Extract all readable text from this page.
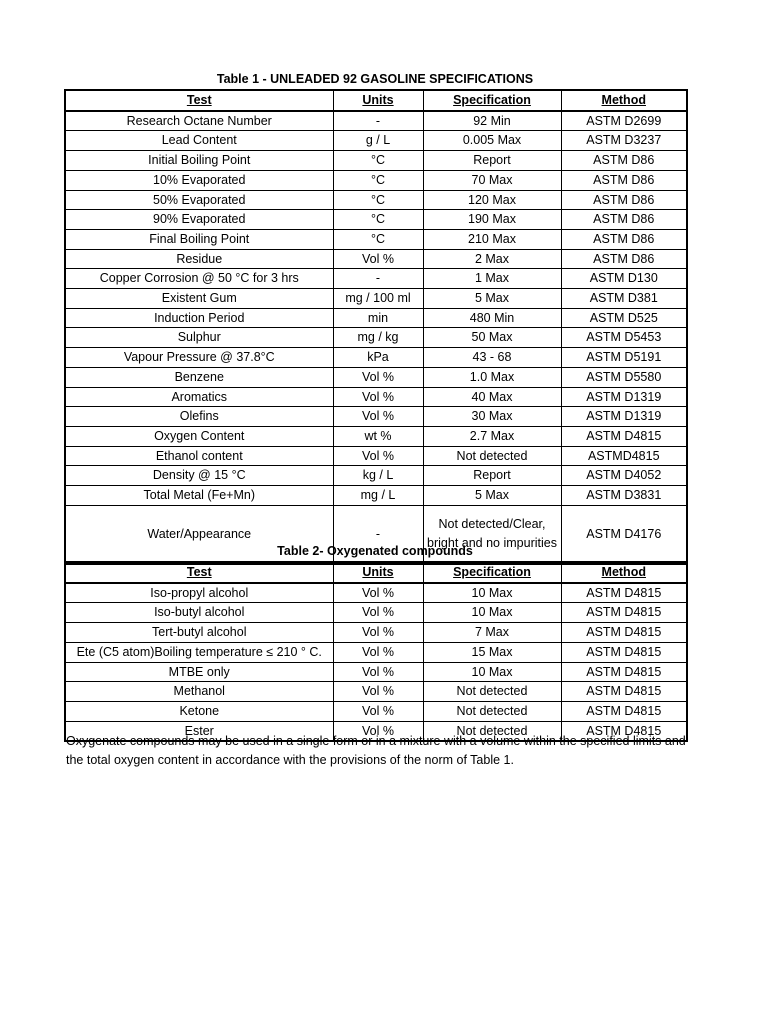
Table 1 - UNLEADED 92 GASOLINE SPECIFICATIONS
Test	Units	Specification	Method
Research Octane Number	-	92 Min	ASTM D2699
Lead Content	g / L	0.005 Max	ASTM D3237
Initial Boiling Point	°C	Report	ASTM D86
10% Evaporated	°C	70 Max	ASTM D86
50% Evaporated	°C	120 Max	ASTM D86
90% Evaporated	°C	190 Max	ASTM D86
Final Boiling Point	°C	210 Max	ASTM D86
Residue	Vol %	2 Max	ASTM D86
Copper Corrosion @ 50 °C for 3 hrs	-	1 Max	ASTM D130
Existent Gum	mg / 100 ml	5 Max	ASTM D381
Induction Period	min	480 Min	ASTM D525
Sulphur	mg / kg	50 Max	ASTM D5453
Vapour Pressure @ 37.8°C	kPa	43 - 68	ASTM D5191
Benzene	Vol %	1.0 Max	ASTM D5580
Aromatics	Vol %	40 Max	ASTM D1319
Olefins	Vol %	30 Max	ASTM D1319
Oxygen Content	wt %	2.7 Max	ASTM D4815
Ethanol content	Vol %	Not detected	ASTMD4815
Density @ 15 °C	kg / L	Report	ASTM D4052
Total Metal (Fe+Mn)	mg / L	5 Max	ASTM D3831
Water/Appearance	-	Not detected/Clear, bright and no impurities	ASTM D4176
Table 2- Oxygenated compounds
Test	Units	Specification	Method
Iso-propyl alcohol	Vol %	10 Max	ASTM D4815
Iso-butyl alcohol	Vol %	10 Max	ASTM D4815
Tert-butyl alcohol	Vol %	7 Max	ASTM D4815
Ete (C5 atom)Boiling temperature ≤ 210 ° C.	Vol %	15 Max	ASTM D4815
MTBE only	Vol %	10 Max	ASTM D4815
Methanol	Vol %	Not detected	ASTM D4815
Ketone	Vol %	Not detected	ASTM D4815
Ester	Vol %	Not detected	ASTM D4815
Oxygenate compounds may be used in a single form or in a mixture with a volume within the specified limits and the total oxygen content in accordance with the provisions of the norm of Table 1.
